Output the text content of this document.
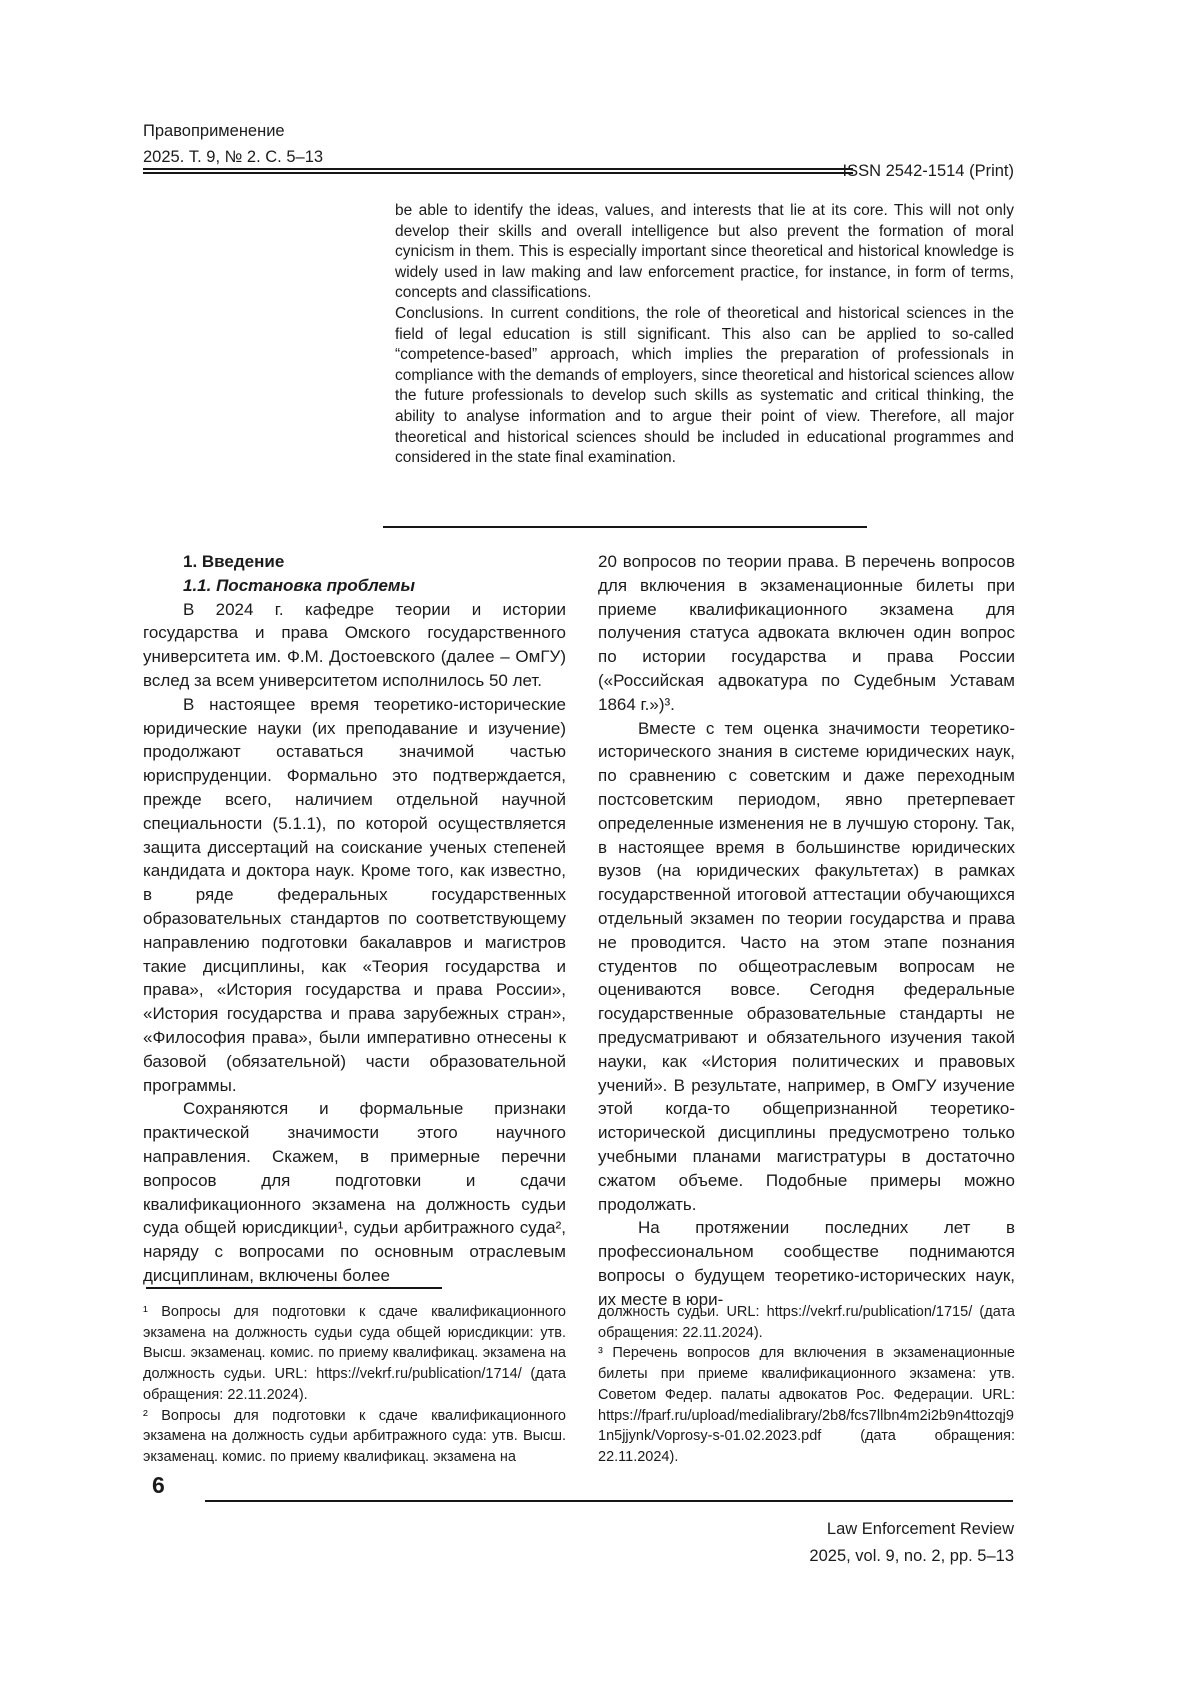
Правоприменение
2025. Т. 9, № 2. С. 5–13
ISSN 2542-1514 (Print)

be able to identify the ideas, values, and interests that lie at its core. This will not only develop their skills and overall intelligence but also prevent the formation of moral cynicism in them. This is especially important since theoretical and historical knowledge is widely used in law making and law enforcement practice, for instance, in form of terms, concepts and classifications.

Conclusions. In current conditions, the role of theoretical and historical sciences in the field of legal education is still significant. This also can be applied to so-called “competence-based” approach, which implies the preparation of professionals in compliance with the demands of employers, since theoretical and historical sciences allow the future professionals to develop such skills as systematic and critical thinking, the ability to analyse information and to argue their point of view. Therefore, all major theoretical and historical sciences should be included in educational programmes and considered in the state final examination.

1. Введение

1.1. Постановка проблемы

В 2024 г. кафедре теории и истории государства и права Омского государственного университета им. Ф.М. Достоевского (далее – ОмГУ) вслед за всем университетом исполнилось 50 лет.

В настоящее время теоретико-исторические юридические науки (их преподавание и изучение) продолжают оставаться значимой частью юриспруденции. Формально это подтверждается, прежде всего, наличием отдельной научной специальности (5.1.1), по которой осуществляется защита диссертаций на соискание ученых степеней кандидата и доктора наук. Кроме того, как известно, в ряде федеральных государственных образовательных стандартов по соответствующему направлению подготовки бакалавров и магистров такие дисциплины, как «Теория государства и права», «История государства и права России», «История государства и права зарубежных стран», «Философия права», были императивно отнесены к базовой (обязательной) части образовательной программы.

Сохраняются и формальные признаки практической значимости этого научного направления. Скажем, в примерные перечни вопросов для подготовки и сдачи квалификационного экзамена на должность судьи суда общей юрисдикции¹, судьи арбитражного суда², наряду с вопросами по основным отраслевым дисциплинам, включены более

20 вопросов по теории права. В перечень вопросов для включения в экзаменационные билеты при приеме квалификационного экзамена для получения статуса адвоката включен один вопрос по истории государства и права России («Российская адвокатура по Судебным Уставам 1864 г.»)³.

Вместе с тем оценка значимости теоретико-исторического знания в системе юридических наук, по сравнению с советским и даже переходным постсоветским периодом, явно претерпевает определенные изменения не в лучшую сторону. Так, в настоящее время в большинстве юридических вузов (на юридических факультетах) в рамках государственной итоговой аттестации обучающихся отдельный экзамен по теории государства и права не проводится. Часто на этом этапе познания студентов по общеотраслевым вопросам не оцениваются вовсе. Сегодня федеральные государственные образовательные стандарты не предусматривают и обязательного изучения такой науки, как «История политических и правовых учений». В результате, например, в ОмГУ изучение этой когда-то общепризнанной теоретико-исторической дисциплины предусмотрено только учебными планами магистратуры в достаточно сжатом объеме. Подобные примеры можно продолжать.

На протяжении последних лет в профессиональном сообществе поднимаются вопросы о будущем теоретико-исторических наук, их месте в юри-

¹ Вопросы для подготовки к сдаче квалификационного экзамена на должность судьи суда общей юрисдикции: утв. Высш. экзаменац. комис. по приему квалификац. экзамена на должность судьи. URL: https://vekrf.ru/publication/1714/ (дата обращения: 22.11.2024).

² Вопросы для подготовки к сдаче квалификационного экзамена на должность судьи арбитражного суда: утв. Высш. экзаменац. комис. по приему квалификац. экзамена на

должность судьи. URL: https://vekrf.ru/publication/1715/ (дата обращения: 22.11.2024).

³ Перечень вопросов для включения в экзаменационные билеты при приеме квалификационного экзамена: утв. Советом Федер. палаты адвокатов Рос. Федерации. URL: https://fparf.ru/upload/medialibrary/2b8/fcs7llbn4m2i2b9n4ttozqj91n5jjynk/Voprosy-s-01.02.2023.pdf (дата обращения: 22.11.2024).

6
Law Enforcement Review
2025, vol. 9, no. 2, pp. 5–13
